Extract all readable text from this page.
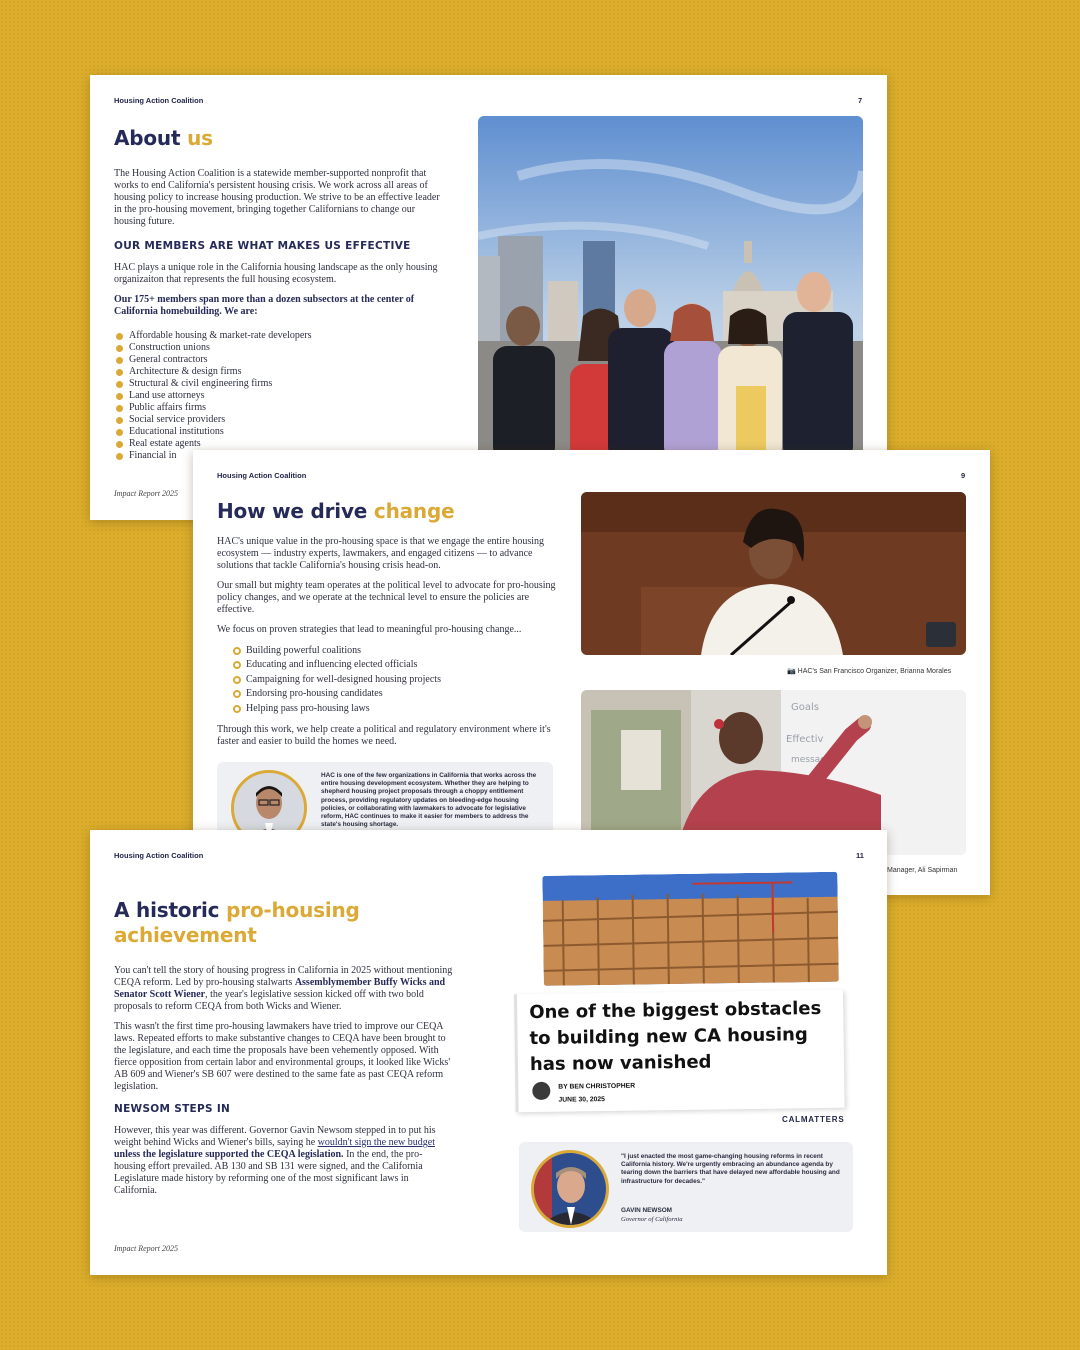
Housing Action Coalition	7
About us

The Housing Action Coalition is a statewide member-supported nonprofit that works to end California's persistent housing crisis. We work across all areas of housing policy to increase housing production. We strive to be an effective leader in the pro-housing movement, bringing together Californians to change our housing future.

OUR MEMBERS ARE WHAT MAKES US EFFECTIVE

HAC plays a unique role in the California housing landscape as the only housing organizaiton that represents the full housing ecosystem.

Our 175+ members span more than a dozen subsectors at the center of California homebuilding. We are:

Affordable housing & market-rate developers
Construction unions
General contractors
Architecture & design firms
Structural & civil engineering firms
Land use attorneys
Public affairs firms
Social service providers
Educational institutions
Real estate agents
Financial in
Impact Report 2025
Housing Action Coalition	9
How we drive change

HAC's unique value in the pro-housing space is that we engage the entire housing ecosystem — industry experts, lawmakers, and engaged citizens — to advance solutions that tackle California's housing crisis head-on.

Our small but mighty team operates at the political level to advocate for pro-housing policy changes, and we operate at the technical level to ensure the policies are effective.

We focus on proven strategies that lead to meaningful pro-housing change...

Building powerful coalitions
Educating and influencing elected officials
Campaigning for well-designed housing projects
Endorsing pro-housing candidates
Helping pass pro-housing laws

Through this work, we help create a political and regulatory environment where it's faster and easier to build the homes we need.

HAC is one of the few organizations in California that works across the entire housing development ecosystem. Whether they are helping to shepherd housing project proposals through a choppy entitlement process, providing regulatory updates on bleeding-edge housing policies, or collaborating with lawmakers to advocate for legislative reform, HAC continues to make it easier for members to address the state's housing shortage.
📷 HAC's San Francisco Organizer, Brianna Morales
Goals
Effectiv
message
Manager, Ali Sapirman
Housing Action Coalition	11
A historic pro-housing
achievement

You can't tell the story of housing progress in California in 2025 without mentioning CEQA reform. Led by pro-housing stalwarts Assemblymember Buffy Wicks and Senator Scott Wiener, the year's legislative session kicked off with two bold proposals to reform CEQA from both Wicks and Wiener.

This wasn't the first time pro-housing lawmakers have tried to improve our CEQA laws. Repeated efforts to make substantive changes to CEQA have been brought to the legislature, and each time the proposals have been vehemently opposed. With fierce opposition from certain labor and environmental groups, it looked like Wicks' AB 609 and Wiener's SB 607 were destined to the same fate as past CEQA reform legislation.

NEWSOM STEPS IN

However, this year was different. Governor Gavin Newsom stepped in to put his weight behind Wicks and Wiener's bills, saying he wouldn't sign the new budget unless the legislature supported the CEQA legislation. In the end, the pro-housing effort prevailed. AB 130 and SB 131 were signed, and the California Legislature made history by reforming one of the most significant laws in California.

Impact Report 2025
One of the biggest obstacles to building new CA housing has now vanished
BY BEN CHRISTOPHER
JUNE 30, 2025
CALMATTERS
"I just enacted the most game-changing housing reforms in recent California history. We're urgently embracing an abundance agenda by tearing down the barriers that have delayed new affordable housing and infrastructure for decades."
GAVIN NEWSOM
Governor of California
